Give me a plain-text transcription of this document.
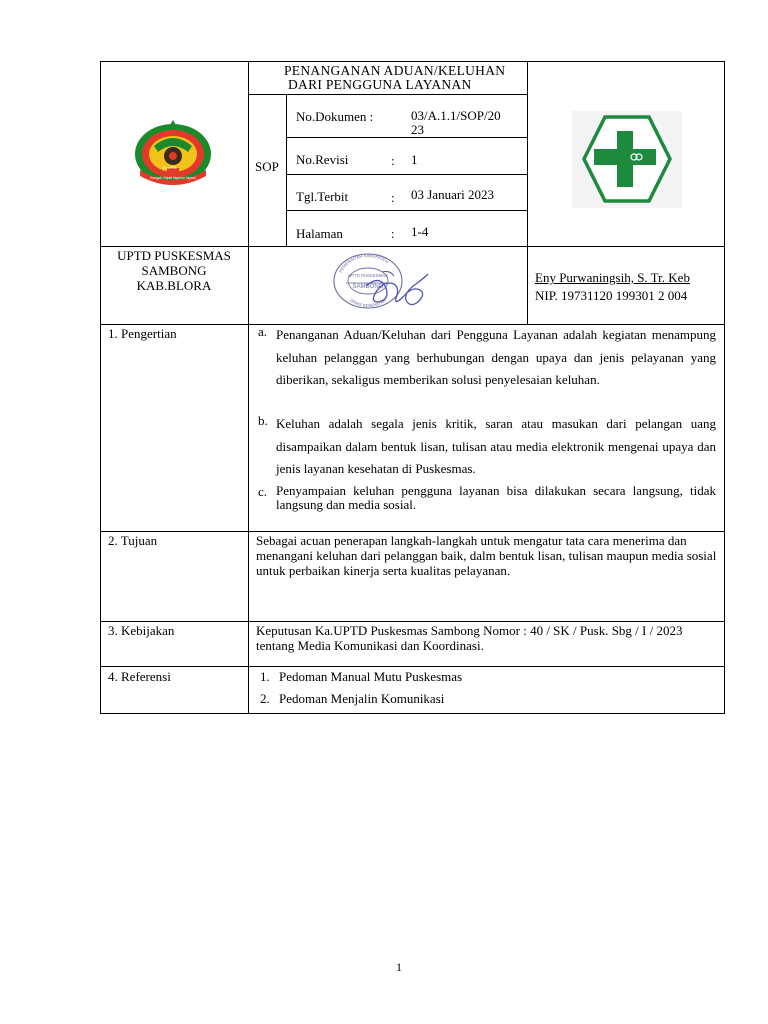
BLORA
Sunguh Sejati Ngemin Ngawi
PENANGANAN ADUAN/KELUHAN
DARI PENGGUNA LAYANAN
SOP
No.Dokumen :	03/A.1.1/SOP/20
23
No.Revisi	: 1
Tgl.Terbit	: 03 Januari 2023
Halaman	: 1-4
UPTD PUSKESMAS
SAMBONG
KAB.BLORA
PEMERINTAH KABUPATEN
DINAS KESEHATAN
UPTD PUSKESMAS
SAMBONG
Eny Purwaningsih, S. Tr. Keb
NIP. 19731120 199301 2 004
1. Pengertian	a. Penanganan Aduan/Keluhan dari Pengguna Layanan adalah kegiatan menampung keluhan pelanggan yang berhubungan dengan upaya dan jenis pelayanan yang diberikan, sekaligus memberikan solusi penyelesaian keluhan.
b. Keluhan adalah segala jenis kritik, saran atau masukan dari pelangan uang disampaikan dalam bentuk lisan, tulisan atau media elektronik mengenai upaya dan jenis layanan kesehatan di Puskesmas.
c. Penyampaian keluhan pengguna layanan bisa dilakukan secara langsung, tidak langsung dan media sosial.
2. Tujuan	Sebagai acuan penerapan langkah-langkah untuk mengatur tata cara menerima dan menangani keluhan dari pelanggan baik, dalm bentuk lisan, tulisan maupun media sosial untuk perbaikan kinerja serta kualitas pelayanan.
3. Kebijakan	Keputusan Ka.UPTD Puskesmas Sambong Nomor : 40 / SK / Pusk. Sbg / I / 2023 tentang Media Komunikasi dan Koordinasi.
4. Referensi	1. Pedoman Manual Mutu Puskesmas
2. Pedoman Menjalin Komunikasi
1
